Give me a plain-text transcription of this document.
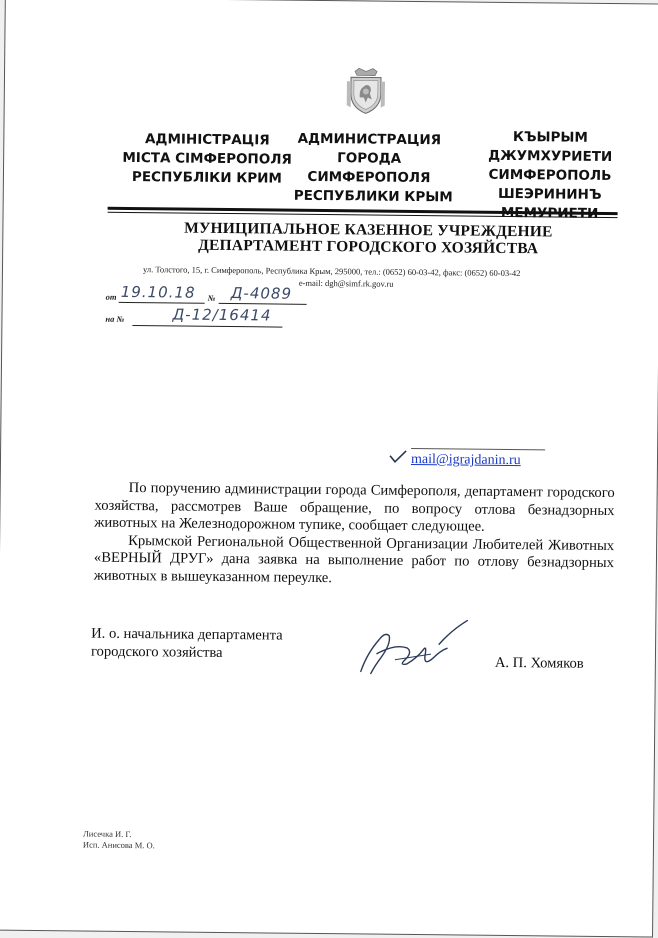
АДМІНІСТРАЦІЯ
МІСТА СІМФЕРОПОЛЯ
РЕСПУБЛІКИ КРИМ
АДМИНИСТРАЦИЯ
ГОРОДА
СИМФЕРОПОЛЯ
РЕСПУБЛИКИ КРЫМ
КЪЫРЫМ
ДЖУМХУРИЕТИ
СИМФЕРОПОЛЬ
ШЕЭРИНИНЪ
МУНИЦИПАЛЬНОЕ КАЗЕННОЕ УЧРЕЖДЕНИЕ
ДЕПАРТАМЕНТ ГОРОДСКОГО ХОЗЯЙСТВА
ул. Толстого, 15, г. Симферополь, Республика Крым, 295000, тел.: (0652) 60-03-42, факс: (0652) 60-03-42
e-mail: dgh@simf.rk.gov.ru
от 19.10.18 № Д-4089
на №	Д-12/16414
mail@igrajdanin.ru

По поручению администрации города Симферополя, департамент городского хозяйства, рассмотрев Ваше обращение, по вопросу отлова безнадзорных животных на Железнодорожном тупике, сообщает следующее.

Крымской Региональной Общественной Организации Любителей Животных «ВЕРНЫЙ ДРУГ» дана заявка на выполнение работ по отлову безнадзорных животных в вышеуказанном переулке.

И. о. начальника департамента
городского хозяйства
А. П. Хомяков
Лисечка И. Г.
Исп. Анисова М. О.
